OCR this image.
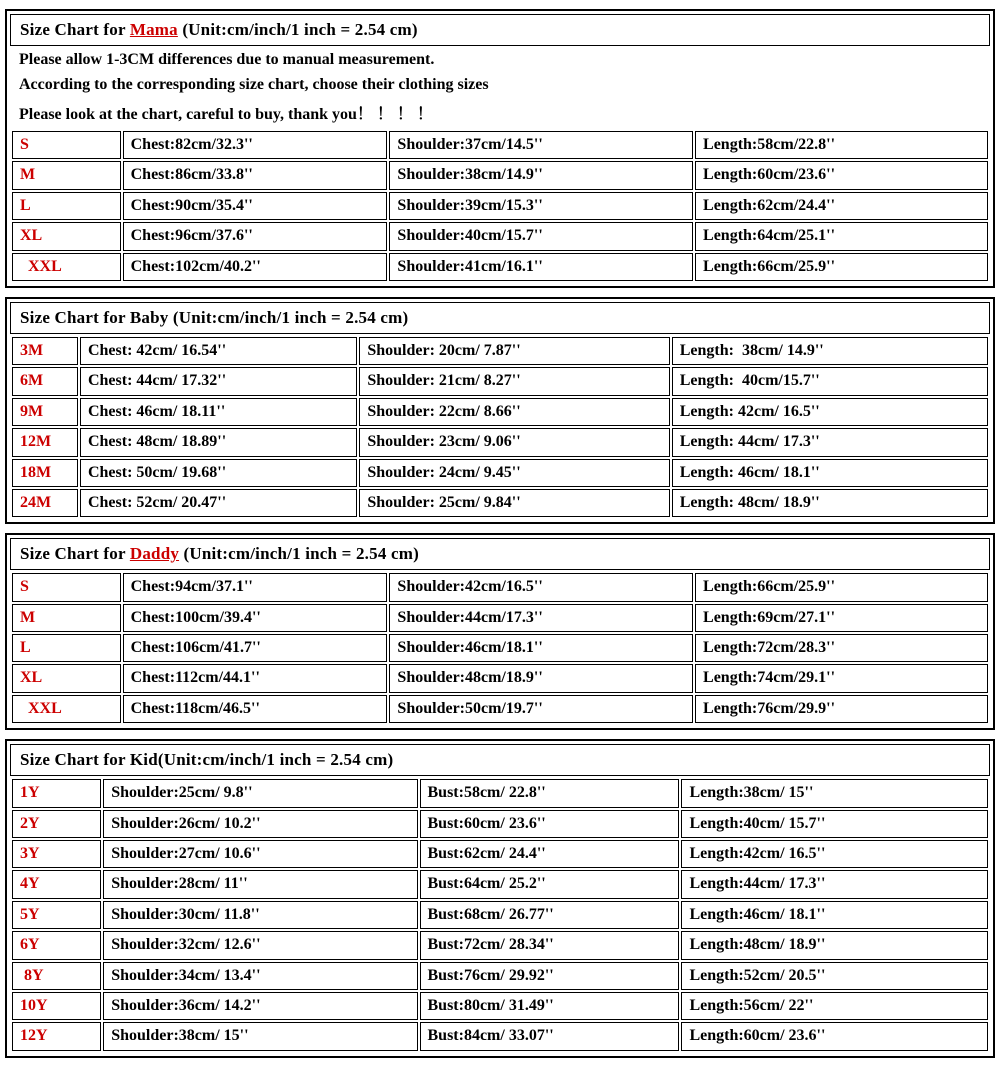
Size Chart for Mama (Unit:cm/inch/1 inch = 2.54 cm)
Please allow 1-3CM differences due to manual measurement.
According to the corresponding size chart, choose their clothing sizes
Please look at the chart, careful to buy, thank you！ ！ ！ ！
S	Chest:82cm/32.3''	Shoulder:37cm/14.5''	Length:58cm/22.8''
M	Chest:86cm/33.8''	Shoulder:38cm/14.9''	Length:60cm/23.6''
L	Chest:90cm/35.4''	Shoulder:39cm/15.3''	Length:62cm/24.4''
XL	Chest:96cm/37.6''	Shoulder:40cm/15.7''	Length:64cm/25.1''
XXL	Chest:102cm/40.2''	Shoulder:41cm/16.1''	Length:66cm/25.9''
Size Chart for Baby (Unit:cm/inch/1 inch = 2.54 cm)
3M	Chest: 42cm/ 16.54''	Shoulder: 20cm/ 7.87''	Length:  38cm/ 14.9''
6M	Chest: 44cm/ 17.32''	Shoulder: 21cm/ 8.27''	Length:  40cm/15.7''
9M	Chest: 46cm/ 18.11''	Shoulder: 22cm/ 8.66''	Length: 42cm/ 16.5''
12M	Chest: 48cm/ 18.89''	Shoulder: 23cm/ 9.06''	Length: 44cm/ 17.3''
18M	Chest: 50cm/ 19.68''	Shoulder: 24cm/ 9.45''	Length: 46cm/ 18.1''
24M	Chest: 52cm/ 20.47''	Shoulder: 25cm/ 9.84''	Length: 48cm/ 18.9''
Size Chart for Daddy (Unit:cm/inch/1 inch = 2.54 cm)
S	Chest:94cm/37.1''	Shoulder:42cm/16.5''	Length:66cm/25.9''
M	Chest:100cm/39.4''	Shoulder:44cm/17.3''	Length:69cm/27.1''
L	Chest:106cm/41.7''	Shoulder:46cm/18.1''	Length:72cm/28.3''
XL	Chest:112cm/44.1''	Shoulder:48cm/18.9''	Length:74cm/29.1''
XXL	Chest:118cm/46.5''	Shoulder:50cm/19.7''	Length:76cm/29.9''
Size Chart for Kid(Unit:cm/inch/1 inch = 2.54 cm)
1Y	Shoulder:25cm/ 9.8''	Bust:58cm/ 22.8''	Length:38cm/ 15''
2Y	Shoulder:26cm/ 10.2''	Bust:60cm/ 23.6''	Length:40cm/ 15.7''
3Y	Shoulder:27cm/ 10.6''	Bust:62cm/ 24.4''	Length:42cm/ 16.5''
4Y	Shoulder:28cm/ 11''	Bust:64cm/ 25.2''	Length:44cm/ 17.3''
5Y	Shoulder:30cm/ 11.8''	Bust:68cm/ 26.77''	Length:46cm/ 18.1''
6Y	Shoulder:32cm/ 12.6''	Bust:72cm/ 28.34''	Length:48cm/ 18.9''
8Y	Shoulder:34cm/ 13.4''	Bust:76cm/ 29.92''	Length:52cm/ 20.5''
10Y	Shoulder:36cm/ 14.2''	Bust:80cm/ 31.49''	Length:56cm/ 22''
12Y	Shoulder:38cm/ 15''	Bust:84cm/ 33.07''	Length:60cm/ 23.6''
